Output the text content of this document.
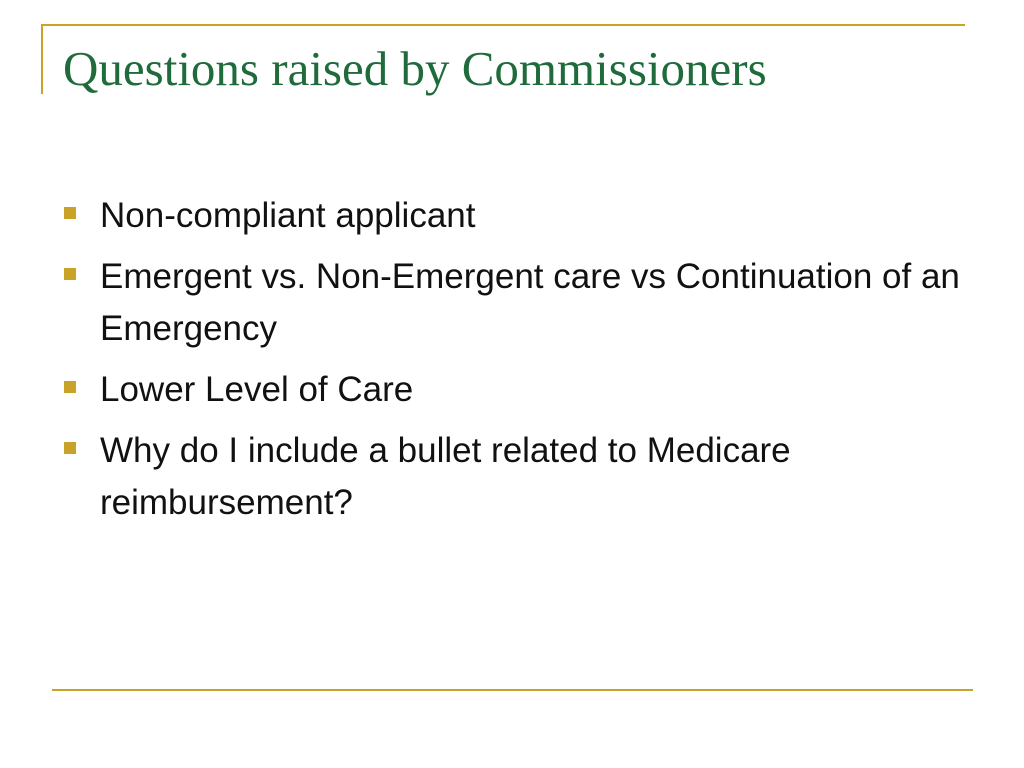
Questions raised by Commissioners
Non-compliant applicant
Emergent vs. Non-Emergent care vs Continuation of an Emergency
Lower Level of Care
Why do I include a bullet related to Medicare reimbursement?
